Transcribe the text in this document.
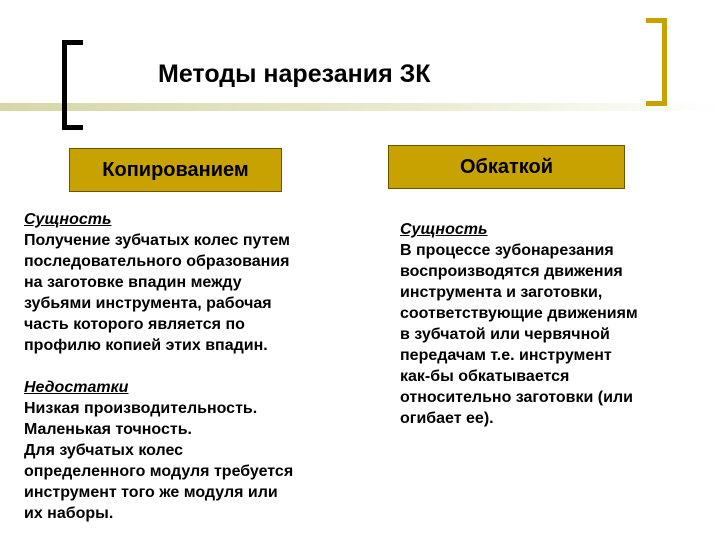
Методы нарезания ЗК
Копированием	Обкаткой
Сущность
Получение зубчатых колес путем
последовательного образования
на заготовке впадин между
зубьями инструмента, рабочая
часть которого является по
профилю копией этих впадин.
Недостатки
Низкая производительность.
Маленькая точность.
Для зубчатых колес
определенного модуля требуется
инструмент того же модуля или
их наборы.
Сущность
В процессе зубонарезания
воспроизводятся движения
инструмента и заготовки,
соответствующие движениям
в зубчатой или червячной
передачам т.е. инструмент
как-бы обкатывается
относительно заготовки (или
огибает ее).
